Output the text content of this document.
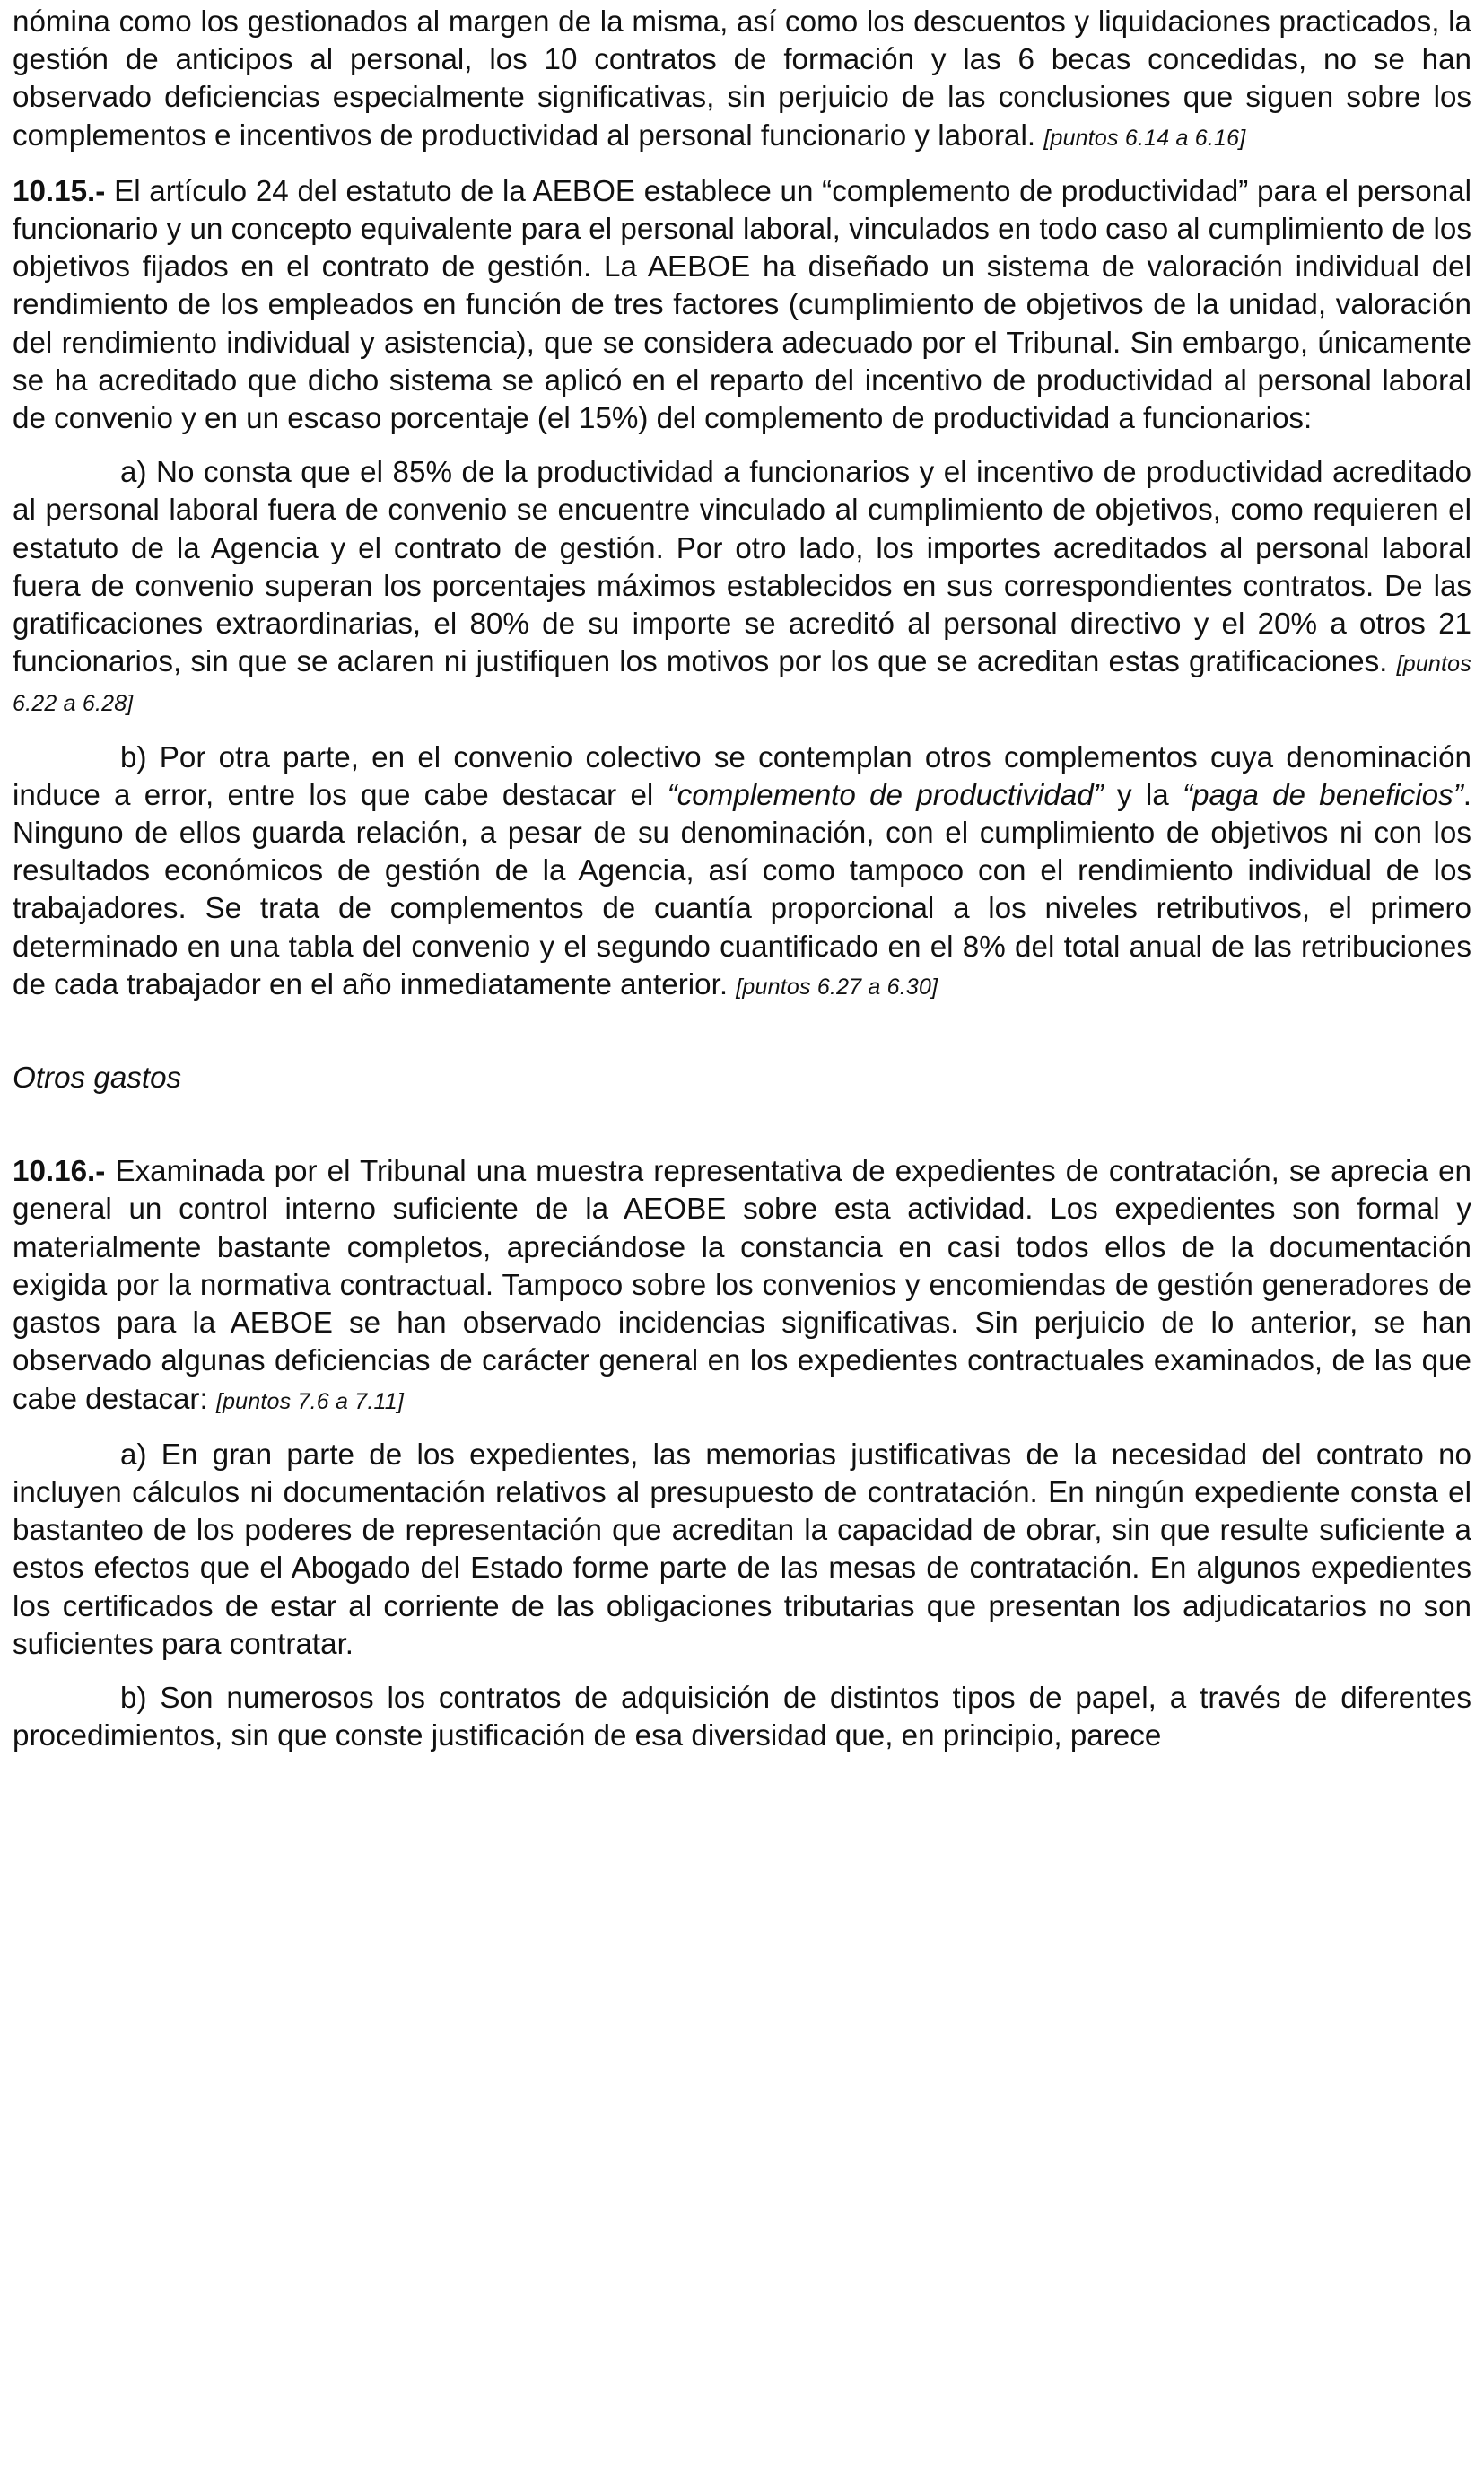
nómina como los gestionados al margen de la misma, así como los descuentos y liquidaciones practicados, la gestión de anticipos al personal, los 10 contratos de formación y las 6 becas concedidas, no se han observado deficiencias especialmente significativas, sin perjuicio de las conclusiones que siguen sobre los complementos e incentivos de productividad al personal funcionario y laboral. [puntos 6.14 a 6.16]

10.15.- El artículo 24 del estatuto de la AEBOE establece un “complemento de productividad” para el personal funcionario y un concepto equivalente para el personal laboral, vinculados en todo caso al cumplimiento de los objetivos fijados en el contrato de gestión. La AEBOE ha diseñado un sistema de valoración individual del rendimiento de los empleados en función de tres factores (cumplimiento de objetivos de la unidad, valoración del rendimiento individual y asistencia), que se considera adecuado por el Tribunal. Sin embargo, únicamente se ha acreditado que dicho sistema se aplicó en el reparto del incentivo de productividad al personal laboral de convenio y en un escaso porcentaje (el 15%) del complemento de productividad a funcionarios:

a) No consta que el 85% de la productividad a funcionarios y el incentivo de productividad acreditado al personal laboral fuera de convenio se encuentre vinculado al cumplimiento de objetivos, como requieren el estatuto de la Agencia y el contrato de gestión. Por otro lado, los importes acreditados al personal laboral fuera de convenio superan los porcentajes máximos establecidos en sus correspondientes contratos. De las gratificaciones extraordinarias, el 80% de su importe se acreditó al personal directivo y el 20% a otros 21 funcionarios, sin que se aclaren ni justifiquen los motivos por los que se acreditan estas gratificaciones. [puntos 6.22 a 6.28]

b) Por otra parte, en el convenio colectivo se contemplan otros complementos cuya denominación induce a error, entre los que cabe destacar el “complemento de productividad” y la “paga de beneficios”. Ninguno de ellos guarda relación, a pesar de su denominación, con el cumplimiento de objetivos ni con los resultados económicos de gestión de la Agencia, así como tampoco con el rendimiento individual de los trabajadores. Se trata de complementos de cuantía proporcional a los niveles retributivos, el primero determinado en una tabla del convenio y el segundo cuantificado en el 8% del total anual de las retribuciones de cada trabajador en el año inmediatamente anterior. [puntos 6.27 a 6.30]

Otros gastos

10.16.- Examinada por el Tribunal una muestra representativa de expedientes de contratación, se aprecia en general un control interno suficiente de la AEOBE sobre esta actividad. Los expedientes son formal y materialmente bastante completos, apreciándose la constancia en casi todos ellos de la documentación exigida por la normativa contractual. Tampoco sobre los convenios y encomiendas de gestión generadores de gastos para la AEBOE se han observado incidencias significativas. Sin perjuicio de lo anterior, se han observado algunas deficiencias de carácter general en los expedientes contractuales examinados, de las que cabe destacar: [puntos 7.6 a 7.11]

a) En gran parte de los expedientes, las memorias justificativas de la necesidad del contrato no incluyen cálculos ni documentación relativos al presupuesto de contratación. En ningún expediente consta el bastanteo de los poderes de representación que acreditan la capacidad de obrar, sin que resulte suficiente a estos efectos que el Abogado del Estado forme parte de las mesas de contratación. En algunos expedientes los certificados de estar al corriente de las obligaciones tributarias que presentan los adjudicatarios no son suficientes para contratar.

b) Son numerosos los contratos de adquisición de distintos tipos de papel, a través de diferentes procedimientos, sin que conste justificación de esa diversidad que, en principio, parece
